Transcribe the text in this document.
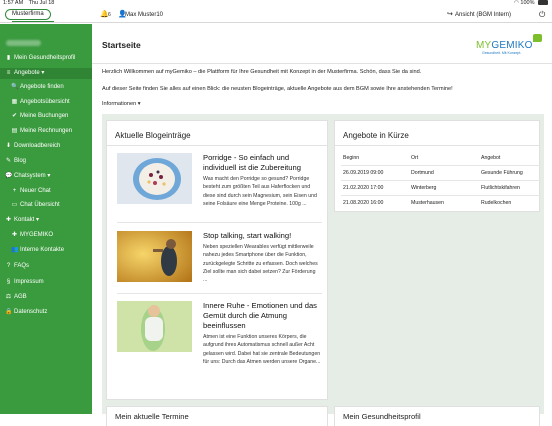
1:57 AM Thu Jul 18	◠ 100%
Musterfirma	🔔 6 👤
Max Muster10	↪ Ansicht (BGM Intern)	⏻
▮ Mein Gesundheitsprofil
≡ Angebote ▾
🔍 Angebote finden
▦ Angebotsübersicht
✔ Meine Buchungen
▤ Meine Rechnungen
⬇ Downloadbereich
✎ Blog
💬 Chatsystem ▾
+ Neuer Chat
▭ Chat Übersicht
✚ Kontakt ▾
✚ MYGEMIKO
👥 Interne Kontakte
? FAQs
§ Impressum
⚖ AGB
🔒 Datenschutz
Startseite	MYGEMIKO
Gesundheit. Mit Konzept.
Herzlich Willkommen auf myGemiko – die Plattform für Ihre Gesundheit mit Konzept in der Musterfirma. Schön, dass Sie da sind.
Auf dieser Seite finden Sie alles auf einen Blick: die neusten Blogeinträge, aktuelle Angebote aus dem BGM sowie Ihre anstehenden Termine!
Informationen ▾
Aktuelle Blogeinträge
Porridge - So einfach und individuell ist die Zubereitung
Was macht den Porridge so gesund? Porridge besteht zum größten Teil aus Haferflocken und diese sind durch sein Magnesium, sein Eisen und seine Folsäure eine Menge Proteine. 100g ...
Stop talking, start walking!
Neben speziellen Wearables verfügt mittlerweile nahezu jedes Smartphone über die Funktion, zurückgelegte Schritte zu erfassen. Doch welches Ziel sollte man sich dabei setzen? Zur Förderung ...
Innere Ruhe - Emotionen und das Gemüt durch die Atmung beeinflussen
Atmen ist eine Funktion unseres Körpers, die aufgrund ihres Automatismus schnell außer Acht gelassen wird. Dabei hat sie zentrale Bedeutungen für uns: Durch das Atmen werden unsere Organe...
Angebote in Kürze
Beginn	Ort	Angebot
26.09.2019 09:00	Dortmund	Gesunde Führung
21.02.2020 17:00	Winterberg	Flutlichtskifahren
21.08.2020 16:00	Musterhausen	Rudelkochen
Mein aktuelle Termine	Mein Gesundheitsprofil
